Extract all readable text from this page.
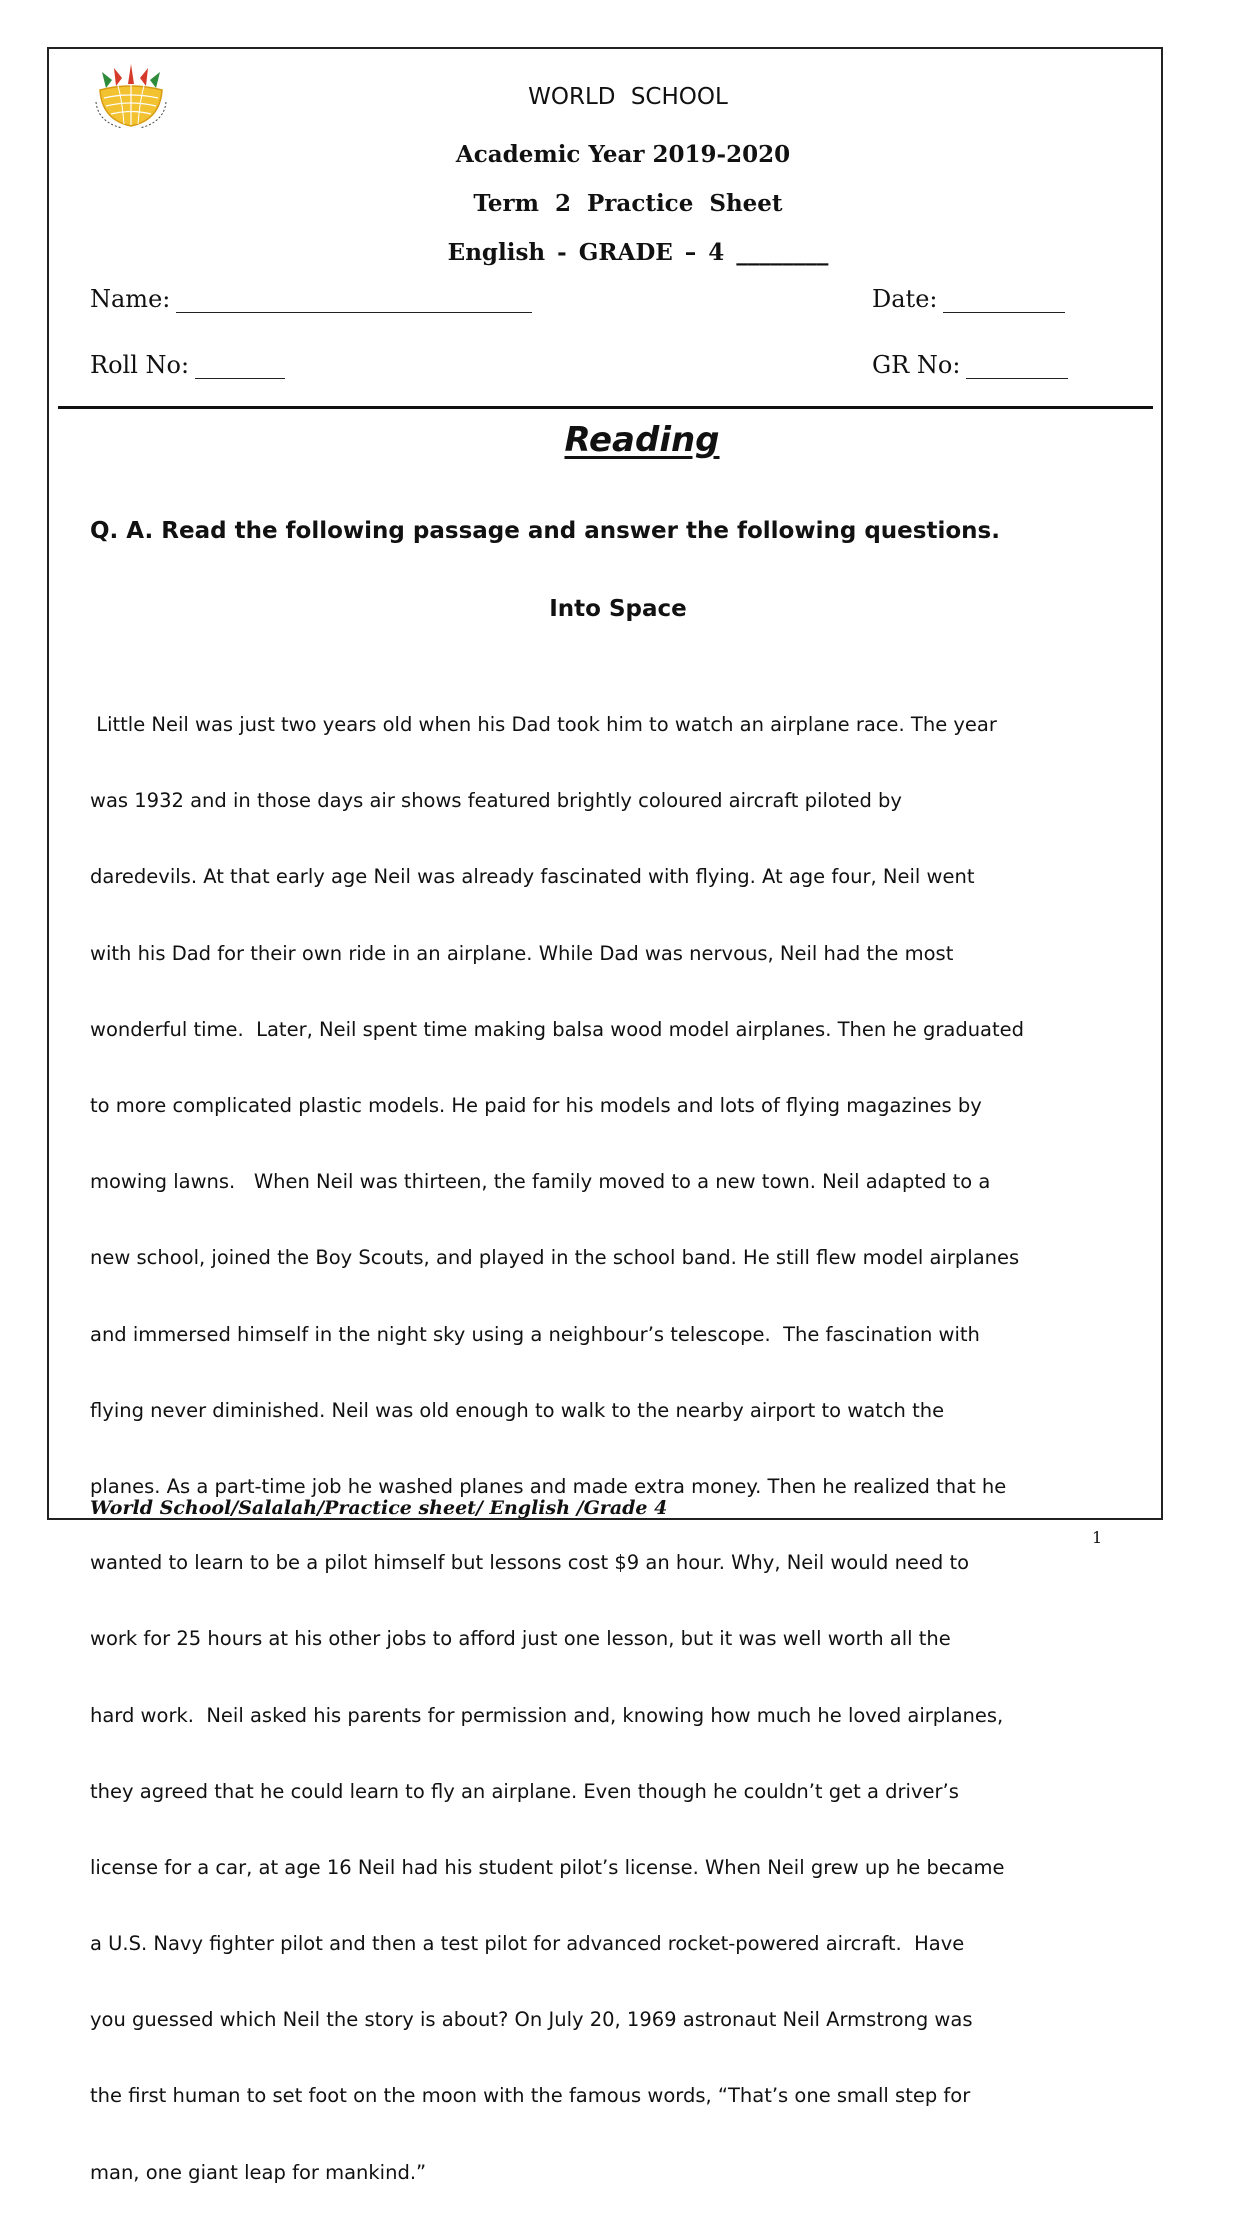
WORLD SCHOOL
Academic Year 2019-2020
Term 2 Practice Sheet
English - GRADE – 4 ________
Name:	Date:
Roll No:	GR No:
Reading
Q. A. Read the following passage and answer the following questions.
Into Space

Little Neil was just two years old when his Dad took him to watch an airplane race. The year

was 1932 and in those days air shows featured brightly coloured aircraft piloted by

daredevils. At that early age Neil was already fascinated with flying. At age four, Neil went

with his Dad for their own ride in an airplane. While Dad was nervous, Neil had the most

wonderful time.  Later, Neil spent time making balsa wood model airplanes. Then he graduated

to more complicated plastic models. He paid for his models and lots of flying magazines by

mowing lawns.   When Neil was thirteen, the family moved to a new town. Neil adapted to a

new school, joined the Boy Scouts, and played in the school band. He still flew model airplanes

and immersed himself in the night sky using a neighbour’s telescope.  The fascination with

flying never diminished. Neil was old enough to walk to the nearby airport to watch the

planes. As a part-time job he washed planes and made extra money. Then he realized that he

wanted to learn to be a pilot himself but lessons cost $9 an hour. Why, Neil would need to

work for 25 hours at his other jobs to afford just one lesson, but it was well worth all the

hard work.  Neil asked his parents for permission and, knowing how much he loved airplanes,

they agreed that he could learn to fly an airplane. Even though he couldn’t get a driver’s

license for a car, at age 16 Neil had his student pilot’s license. When Neil grew up he became

a U.S. Navy fighter pilot and then a test pilot for advanced rocket-powered aircraft.  Have

you guessed which Neil the story is about? On July 20, 1969 astronaut Neil Armstrong was

the first human to set foot on the moon with the famous words, “That’s one small step for

man, one giant leap for mankind.”

World School/Salalah/Practice sheet/ English /Grade 4
1
